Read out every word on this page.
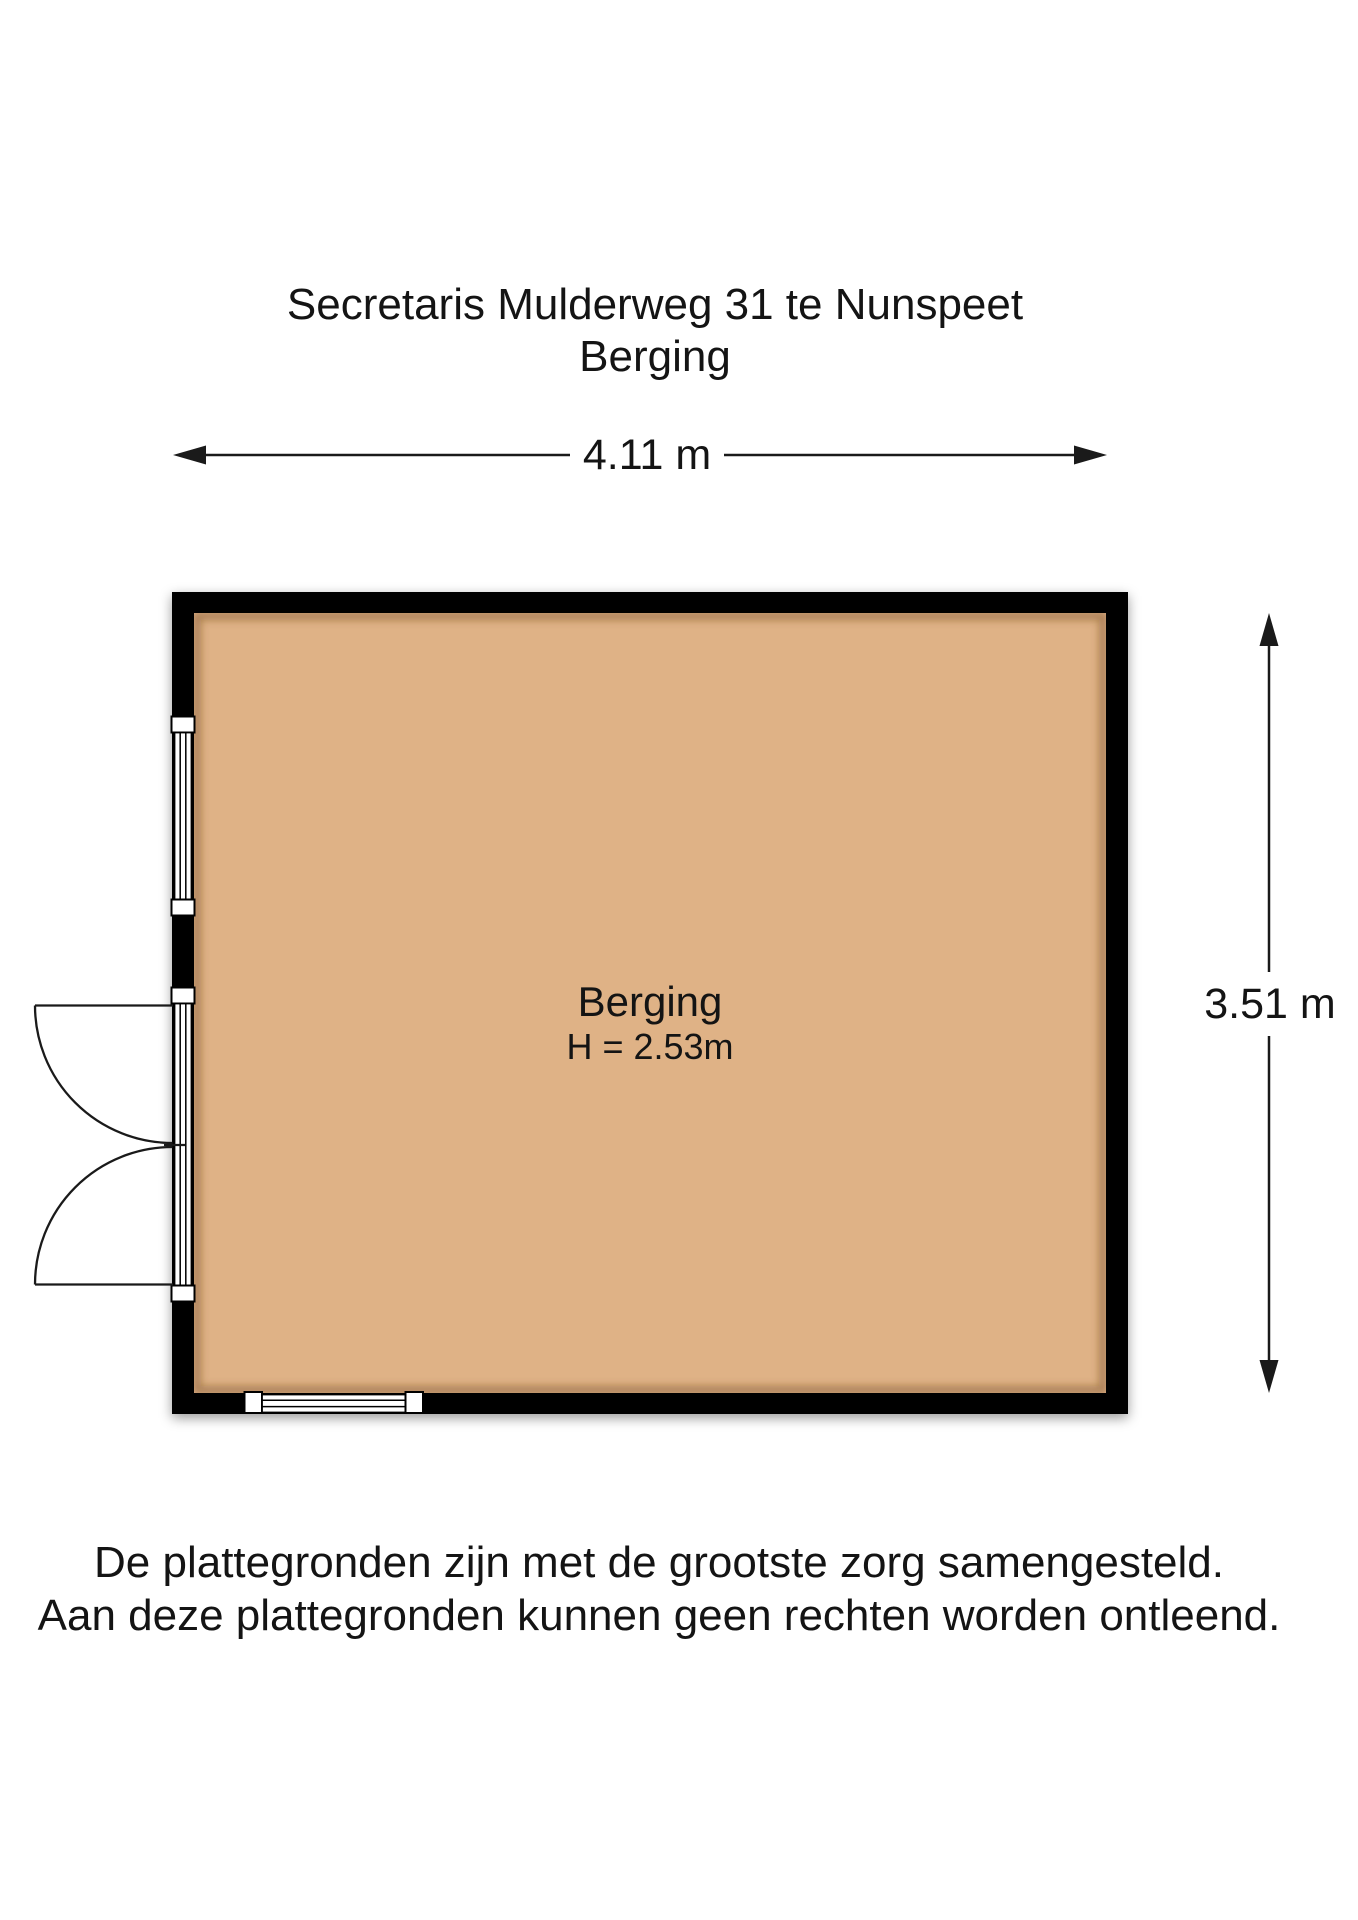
Secretaris Mulderweg 31 te Nunspeet
Berging
4.11 m
3.51 m
Berging
H = 2.53m
De plattegronden zijn met de grootste zorg samengesteld.
Aan deze plattegronden kunnen geen rechten worden ontleend.
